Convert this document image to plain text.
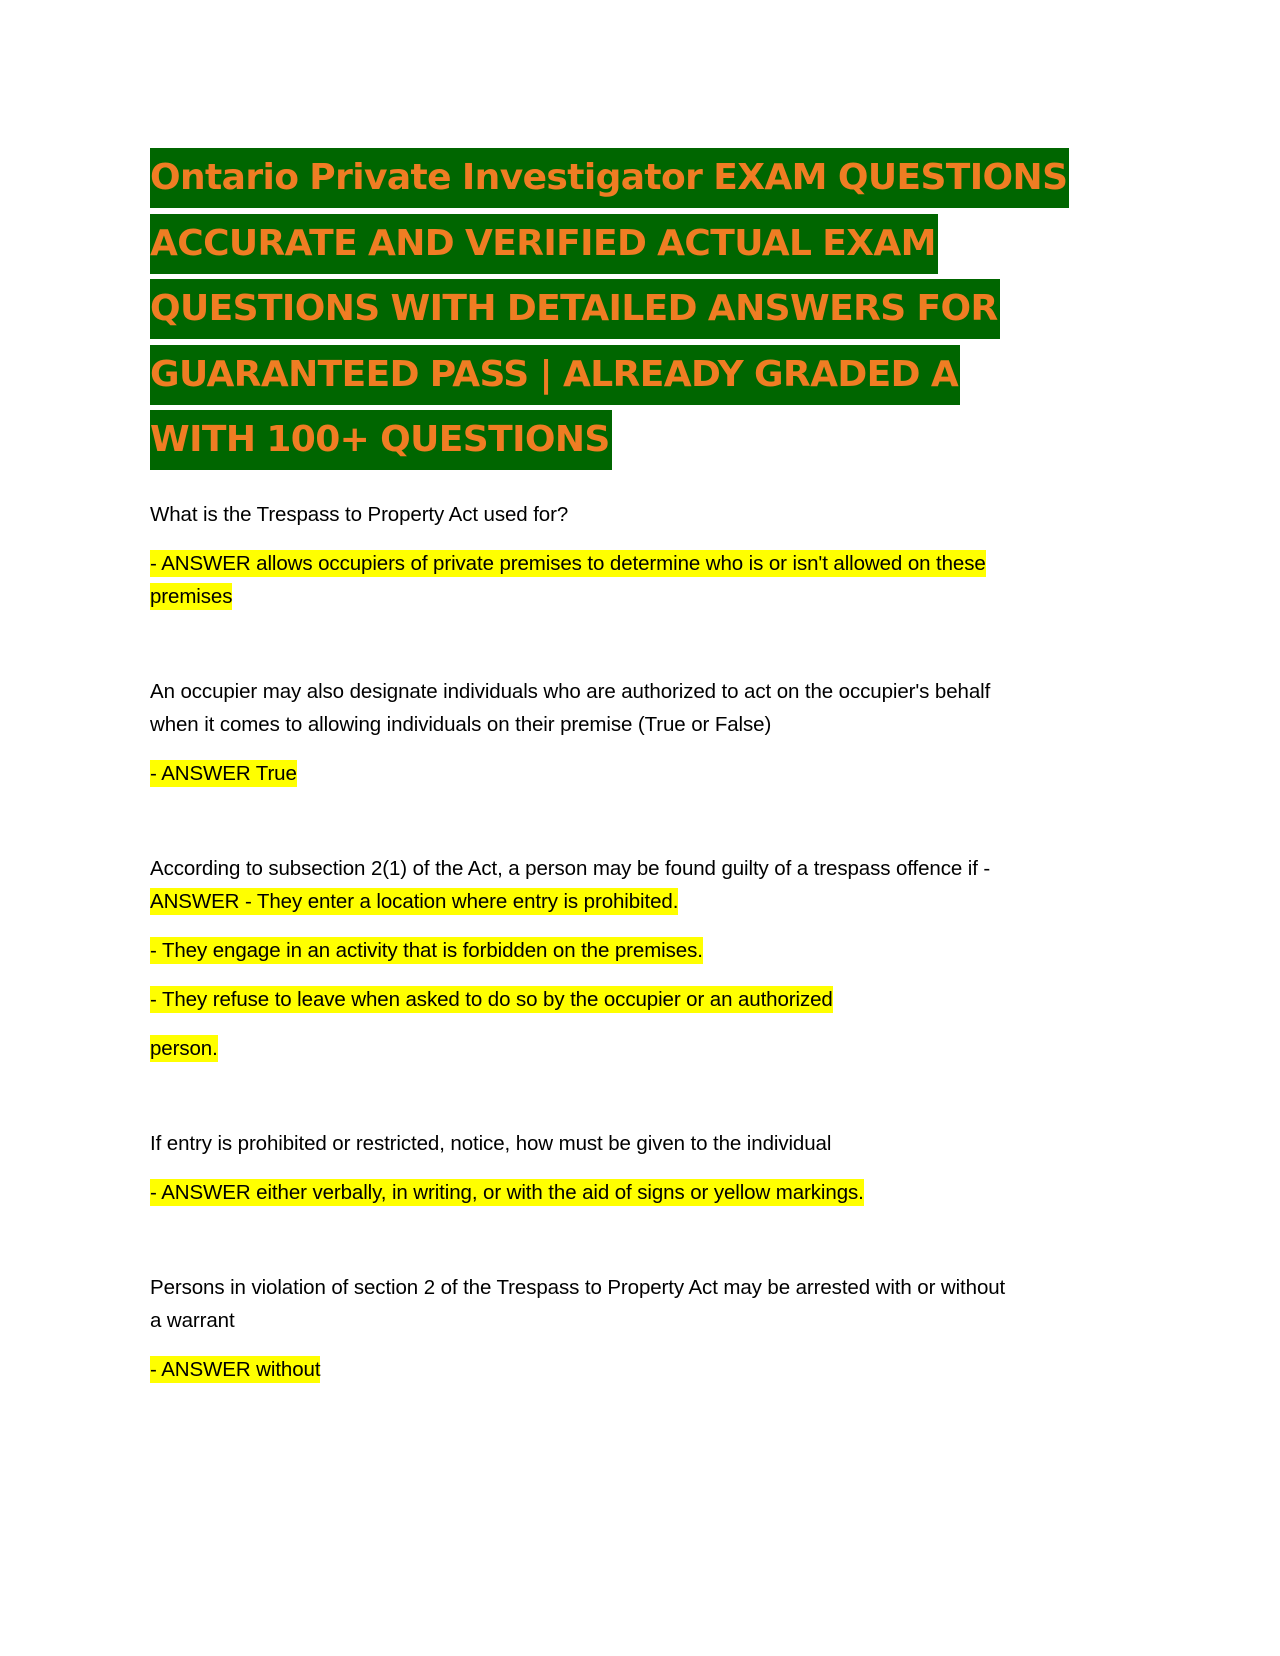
Ontario Private Investigator EXAM QUESTIONS
ACCURATE AND VERIFIED ACTUAL EXAM
QUESTIONS WITH DETAILED ANSWERS FOR
GUARANTEED PASS | ALREADY GRADED A
WITH 100+ QUESTIONS

What is the Trespass to Property Act used for?

- ANSWER allows occupiers of private premises to determine who is or isn't allowed on these
premises

An occupier may also designate individuals who are authorized to act on the occupier's behalf
when it comes to allowing individuals on their premise (True or False)

- ANSWER True

According to subsection 2(1) of the Act, a person may be found guilty of a trespass offence if -

ANSWER - They enter a location where entry is prohibited.

- They engage in an activity that is forbidden on the premises.

- They refuse to leave when asked to do so by the occupier or an authorized

person.

If entry is prohibited or restricted, notice, how must be given to the individual

- ANSWER either verbally, in writing, or with the aid of signs or yellow markings.

Persons in violation of section 2 of the Trespass to Property Act may be arrested with or without
a warrant

- ANSWER without
